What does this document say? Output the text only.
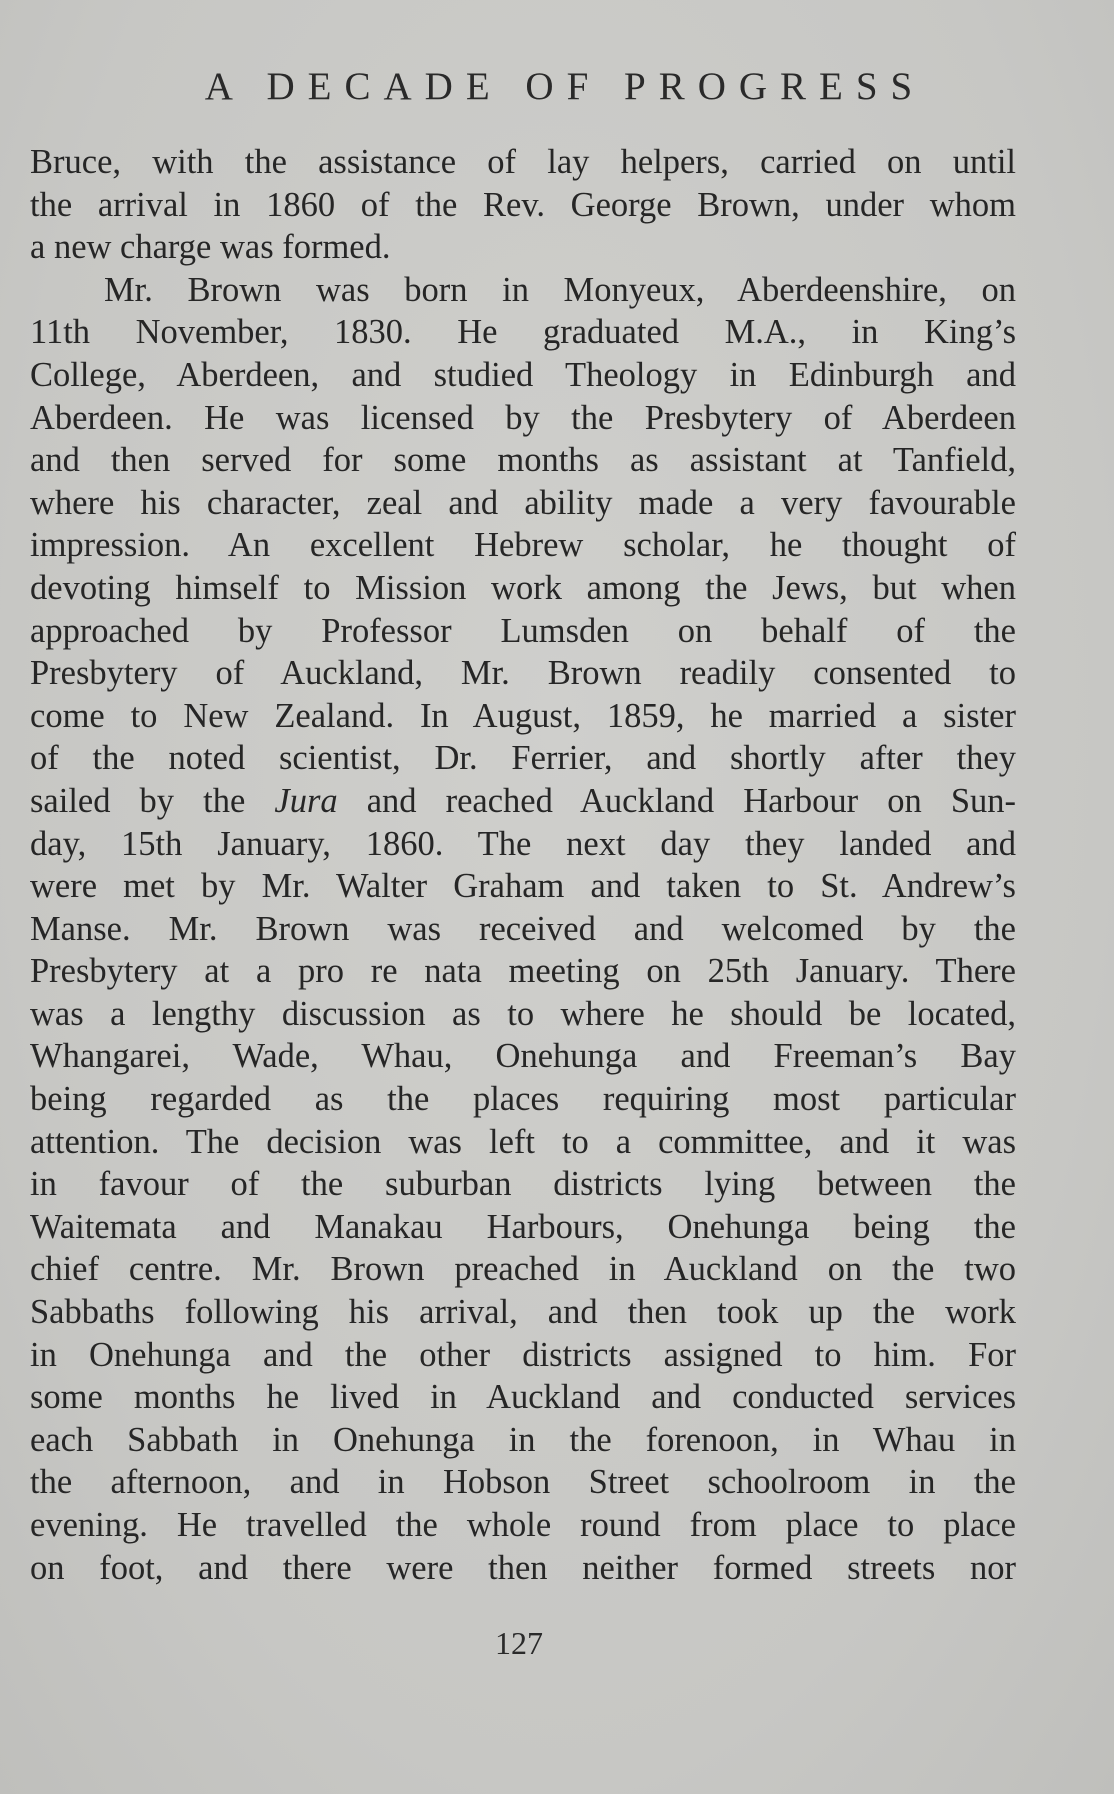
A DECADE OF PROGRESS
Bruce, with the assistance of lay helpers, carried on until
the arrival in 1860 of the Rev. George Brown, under whom
a new charge was formed.
Mr. Brown was born in Monyeux, Aberdeenshire, on
11th November, 1830. He graduated M.A., in King’s
College, Aberdeen, and studied Theology in Edinburgh and
Aberdeen. He was licensed by the Presbytery of Aberdeen
and then served for some months as assistant at Tanfield,
where his character, zeal and ability made a very favourable
impression. An excellent Hebrew scholar, he thought of
devoting himself to Mission work among the Jews, but when
approached by Professor Lumsden on behalf of the
Presbytery of Auckland, Mr. Brown readily consented to
come to New Zealand. In August, 1859, he married a sister
of the noted scientist, Dr. Ferrier, and shortly after they
sailed by the Jura and reached Auckland Harbour on Sun-
day, 15th January, 1860. The next day they landed and
were met by Mr. Walter Graham and taken to St. Andrew’s
Manse. Mr. Brown was received and welcomed by the
Presbytery at a pro re nata meeting on 25th January. There
was a lengthy discussion as to where he should be located,
Whangarei, Wade, Whau, Onehunga and Freeman’s Bay
being regarded as the places requiring most particular
attention. The decision was left to a committee, and it was
in favour of the suburban districts lying between the
Waitemata and Manakau Harbours, Onehunga being the
chief centre. Mr. Brown preached in Auckland on the two
Sabbaths following his arrival, and then took up the work
in Onehunga and the other districts assigned to him. For
some months he lived in Auckland and conducted services
each Sabbath in Onehunga in the forenoon, in Whau in
the afternoon, and in Hobson Street schoolroom in the
evening. He travelled the whole round from place to place
on foot, and there were then neither formed streets nor
127
